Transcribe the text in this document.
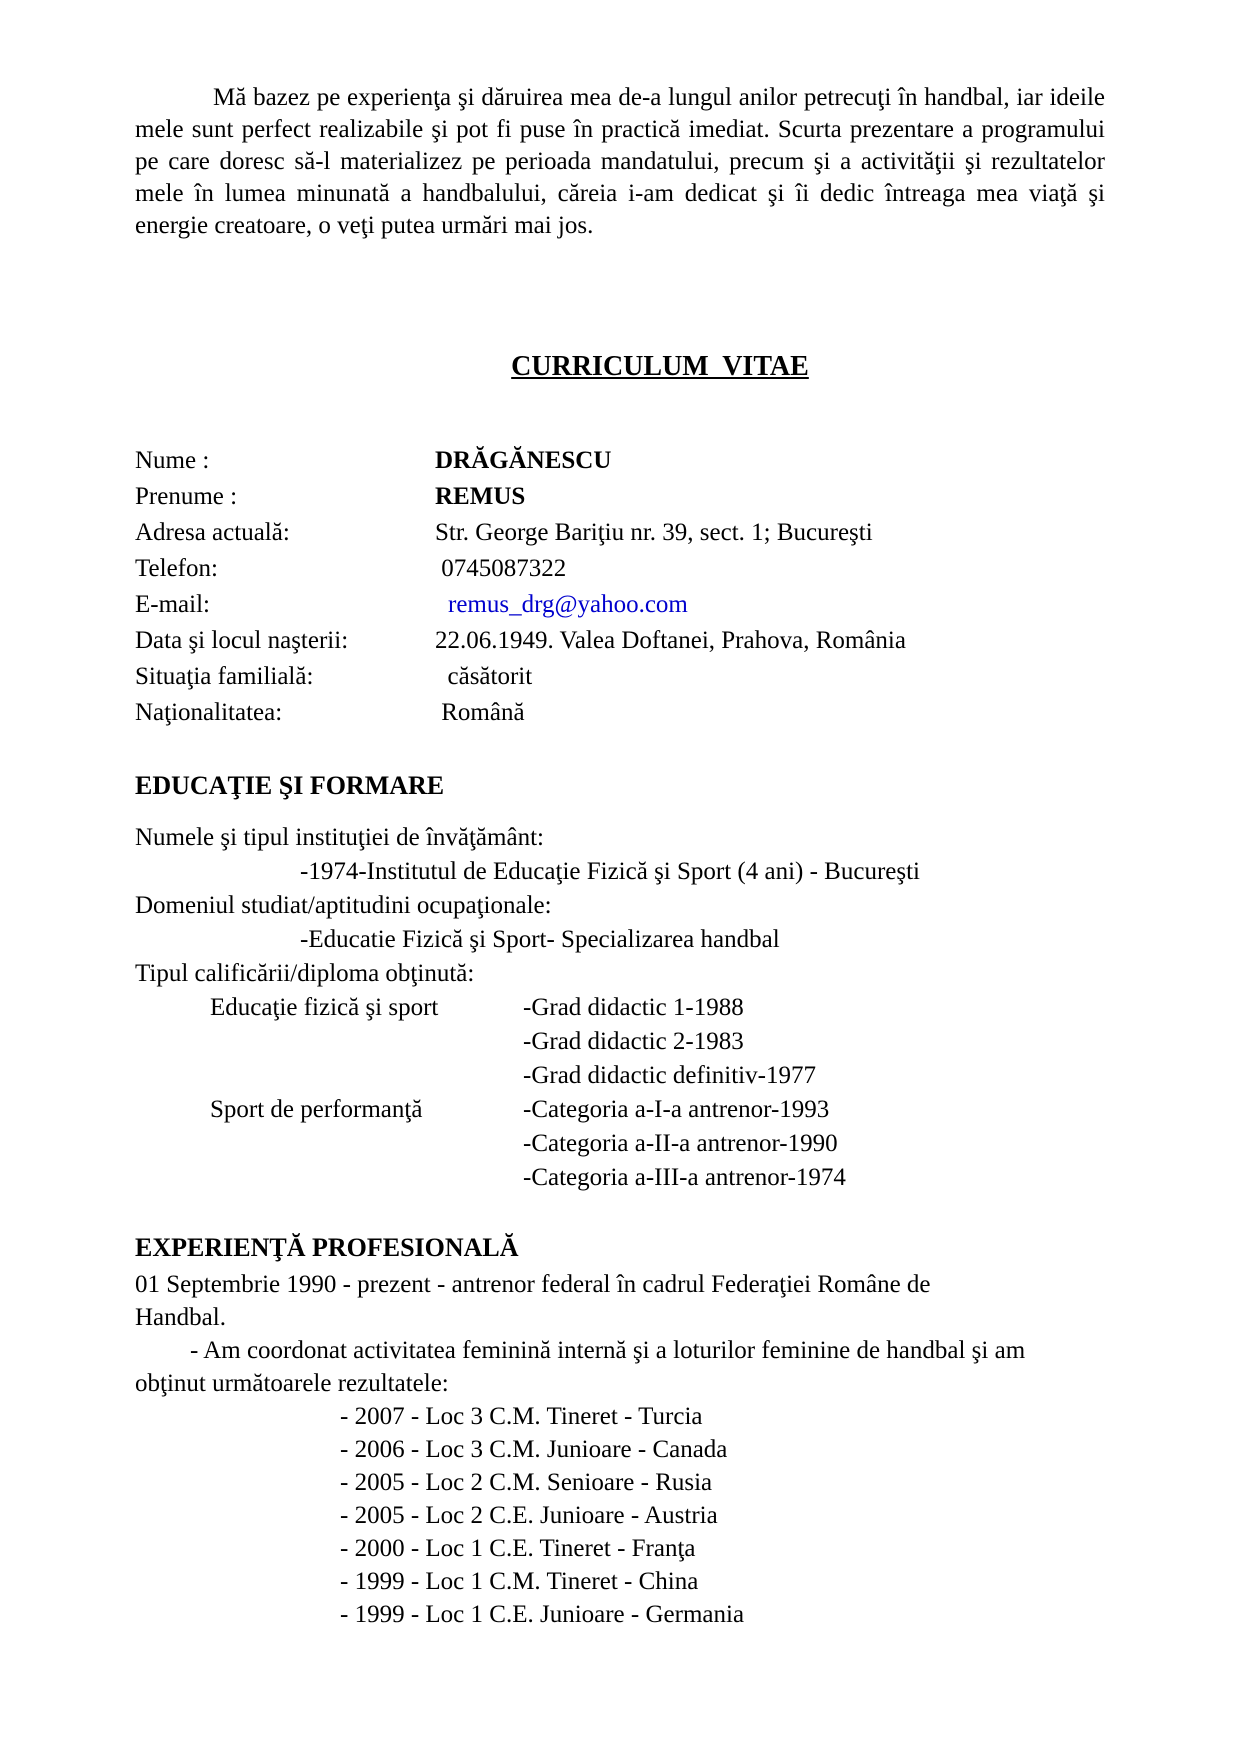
Mă bazez pe experienţa şi dăruirea mea de-a lungul anilor petrecuţi în handbal, iar ideile mele sunt perfect realizabile şi pot fi puse în practică imediat. Scurta prezentare a programului pe care doresc să-l materializez pe perioada mandatului, precum şi a activităţii şi rezultatelor mele în lumea minunată a handbalului, căreia i-am dedicat şi îi dedic întreaga mea viaţă şi energie creatoare, o veţi putea urmări mai jos.

CURRICULUM  VITAE
Nume :	DRĂGĂNESCU
Prenume :	REMUS
Adresa actuală:	Str. George Bariţiu nr. 39, sect. 1; Bucureşti
Telefon:	0745087322
E-mail:	remus_drg@yahoo.com
Data şi locul naşterii:	22.06.1949. Valea Doftanei, Prahova, România
Situaţia familială:	căsătorit
Naţionalitatea:	Română
EDUCAŢIE ŞI FORMARE
Numele şi tipul instituţiei de învăţământ:
-1974-Institutul de Educaţie Fizică şi Sport (4 ani) - Bucureşti
Domeniul studiat/aptitudini ocupaţionale:
-Educatie Fizică şi Sport- Specializarea handbal
Tipul calificării/diploma obţinută:
Educaţie fizică şi sport	-Grad didactic 1-1988
-Grad didactic 2-1983
-Grad didactic definitiv-1977
Sport de performanţă	-Categoria a-I-a antrenor-1993
-Categoria a-II-a antrenor-1990
-Categoria a-III-a antrenor-1974
EXPERIENŢĂ PROFESIONALĂ
01 Septembrie 1990 - prezent - antrenor federal în cadrul Federaţiei Române de
Handbal.
- Am coordonat activitatea feminină internă şi a loturilor feminine de handbal şi am
obţinut următoarele rezultatele:
- 2007 - Loc 3 C.M. Tineret - Turcia
- 2006 - Loc 3 C.M. Junioare - Canada
- 2005 - Loc 2 C.M. Senioare - Rusia
- 2005 - Loc 2 C.E. Junioare - Austria
- 2000 - Loc 1 C.E. Tineret - Franţa
- 1999 - Loc 1 C.M. Tineret - China
- 1999 - Loc 1 C.E. Junioare - Germania
